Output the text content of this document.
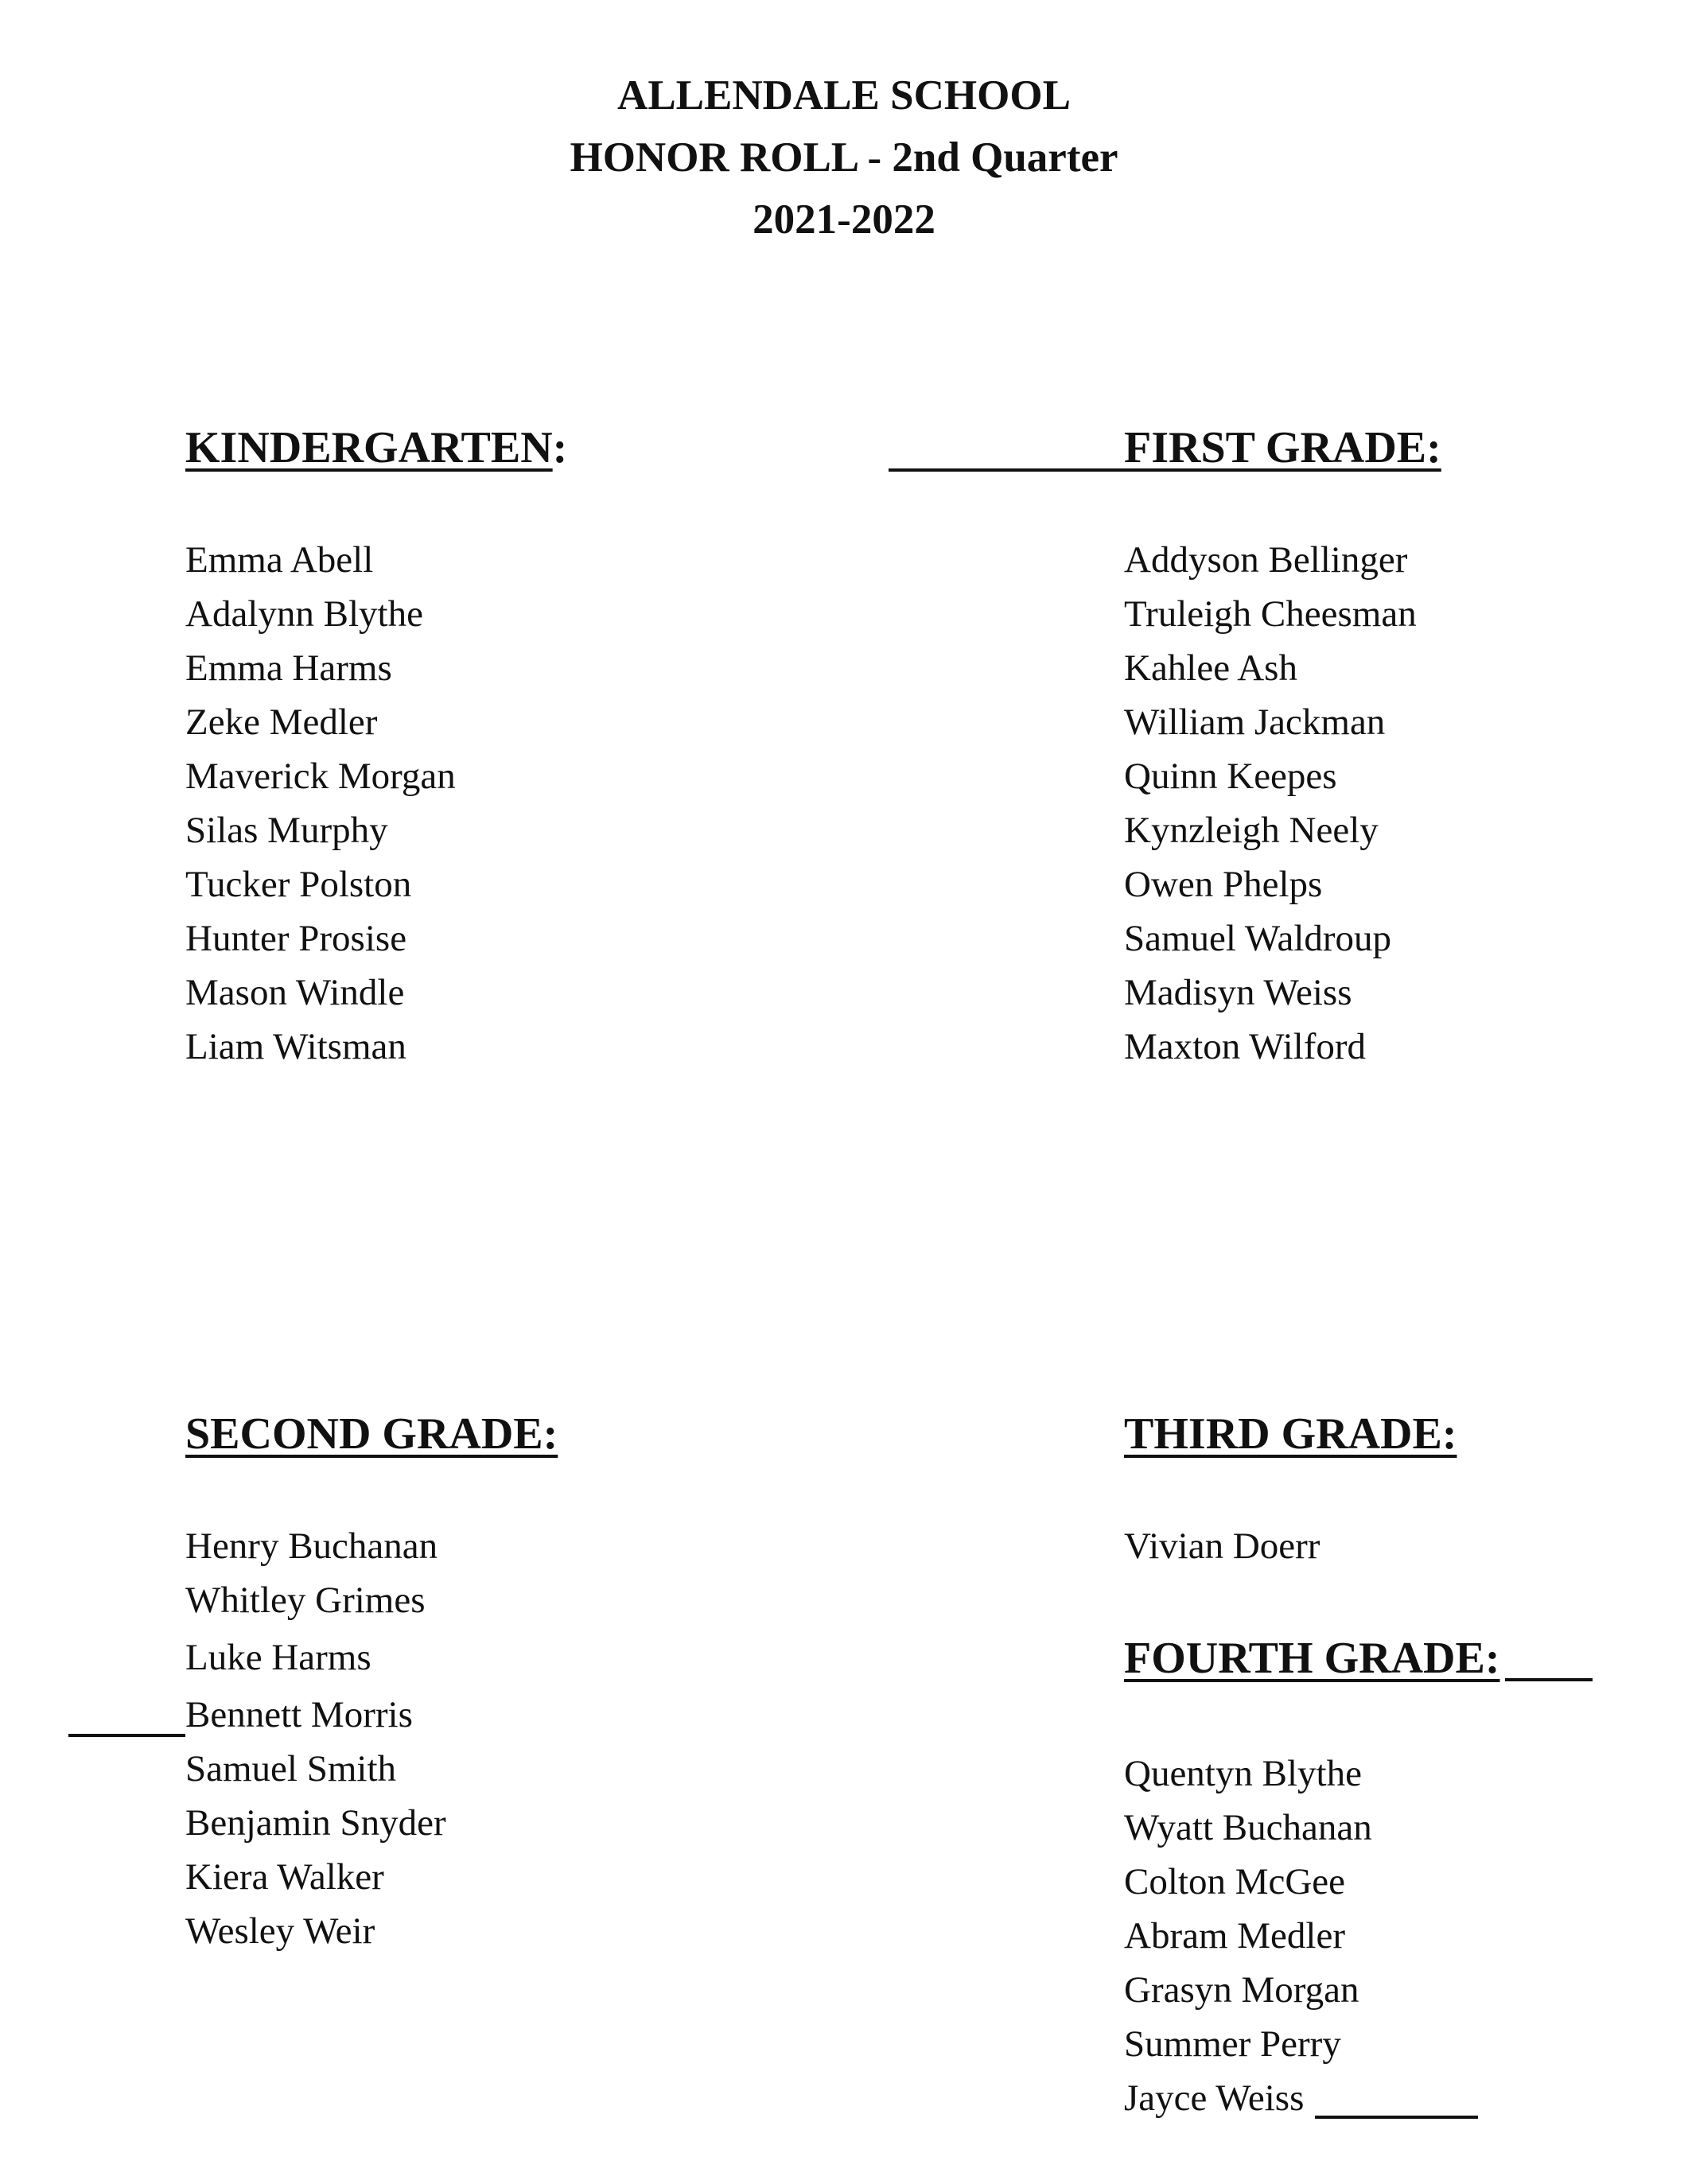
ALLENDALE SCHOOL
HONOR ROLL - 2nd Quarter
2021-2022
KINDERGARTEN:
Emma Abell
Adalynn Blythe
Emma Harms
Zeke Medler
Maverick Morgan
Silas Murphy
Tucker Polston
Hunter Prosise
Mason Windle
Liam Witsman
FIRST GRADE:
Addyson Bellinger
Truleigh Cheesman
Kahlee Ash
William Jackman
Quinn Keepes
Kynzleigh Neely
Owen Phelps
Samuel Waldroup
Madisyn Weiss
Maxton Wilford
SECOND GRADE:
Henry Buchanan
Whitley Grimes
Luke Harms
Bennett Morris
Samuel Smith
Benjamin Snyder
Kiera Walker
Wesley Weir
THIRD GRADE:
Vivian Doerr
FOURTH GRADE:
Quentyn Blythe
Wyatt Buchanan
Colton McGee
Abram Medler
Grasyn Morgan
Summer Perry
Jayce Weiss
